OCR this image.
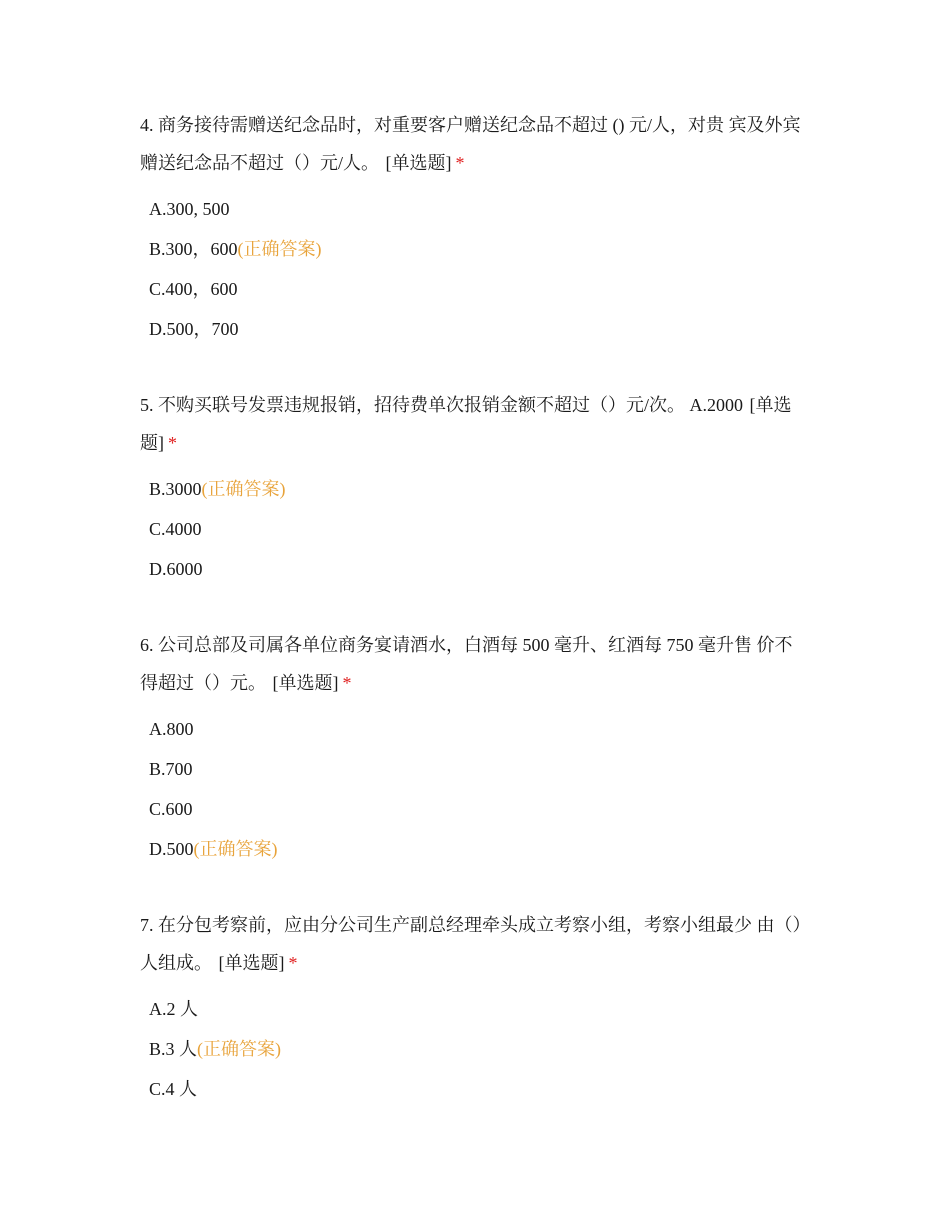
4. 商务接待需赠送纪念品时，对重要客户赠送纪念品不超过 () 元/人，对贵 宾及外宾赠送纪念品不超过（）元/人。 [单选题] *

A.300, 500
B.300，600(正确答案)
C.400，600
D.500，700

5. 不购买联号发票违规报销，招待费单次报销金额不超过（）元/次。 A.2000 [单选题] *

B.3000(正确答案)
C.4000
D.6000

6. 公司总部及司属各单位商务宴请酒水，白酒每 500 毫升、红酒每 750 毫升售 价不得超过（）元。 [单选题] *

A.800
B.700
C.600
D.500(正确答案)

7. 在分包考察前，应由分公司生产副总经理牵头成立考察小组，考察小组最少 由（）人组成。 [单选题] *

A.2 人
B.3 人(正确答案)
C.4 人
